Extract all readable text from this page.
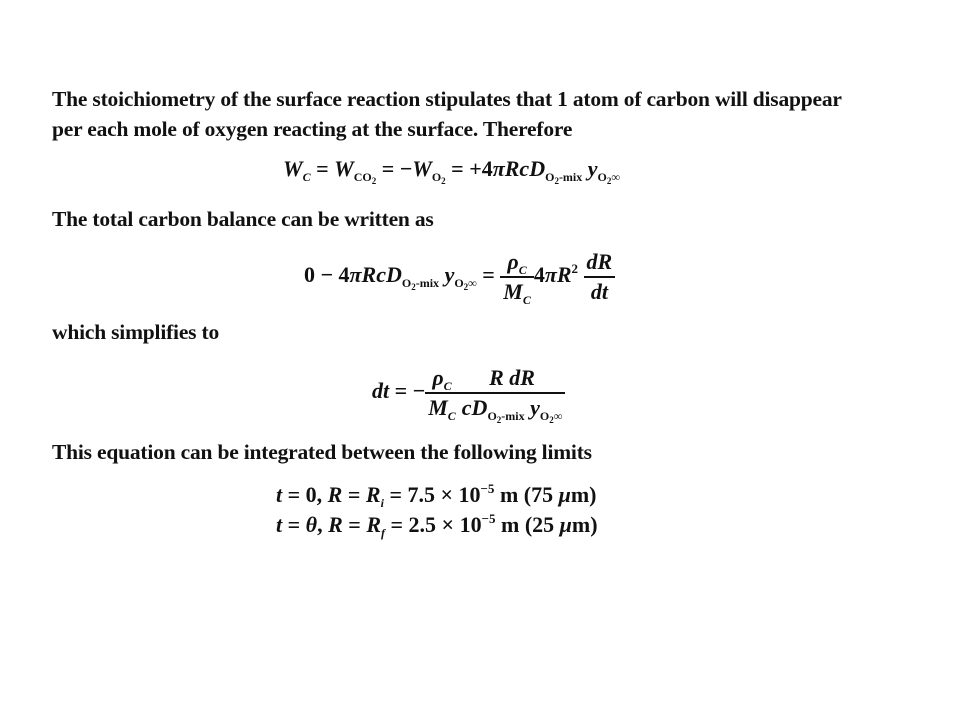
The stoichiometry of the surface reaction stipulates that 1 atom of carbon will disappear
per each mole of oxygen reacting at the surface. Therefore
$W_C = W_{CO_2} = -W_{O_2} = +4\pi RcD_{O_2-mix}$ $y_{O_2\infty}$
The total carbon balance can be written as
0 − 4πRcD$_{O_2-mix}$ $y_{O_2\infty} = \frac{\rho_C}{M_C} 4\pi R^2 \frac{dR}{dt}$
which simplifies to
dt = − $\frac{\rho_C}{M_C} \frac{\text{R dR}}{cD_{O_2-mix} y_{O_2\infty}}$
This equation can be integrated between the following limits
t = 0, $R = R_i = 7.5 \times 10^{-5}$ m (75 μm)
t = θ, $R = R_f = 2.5 \times 10^{-5}$ m (25 μm)
